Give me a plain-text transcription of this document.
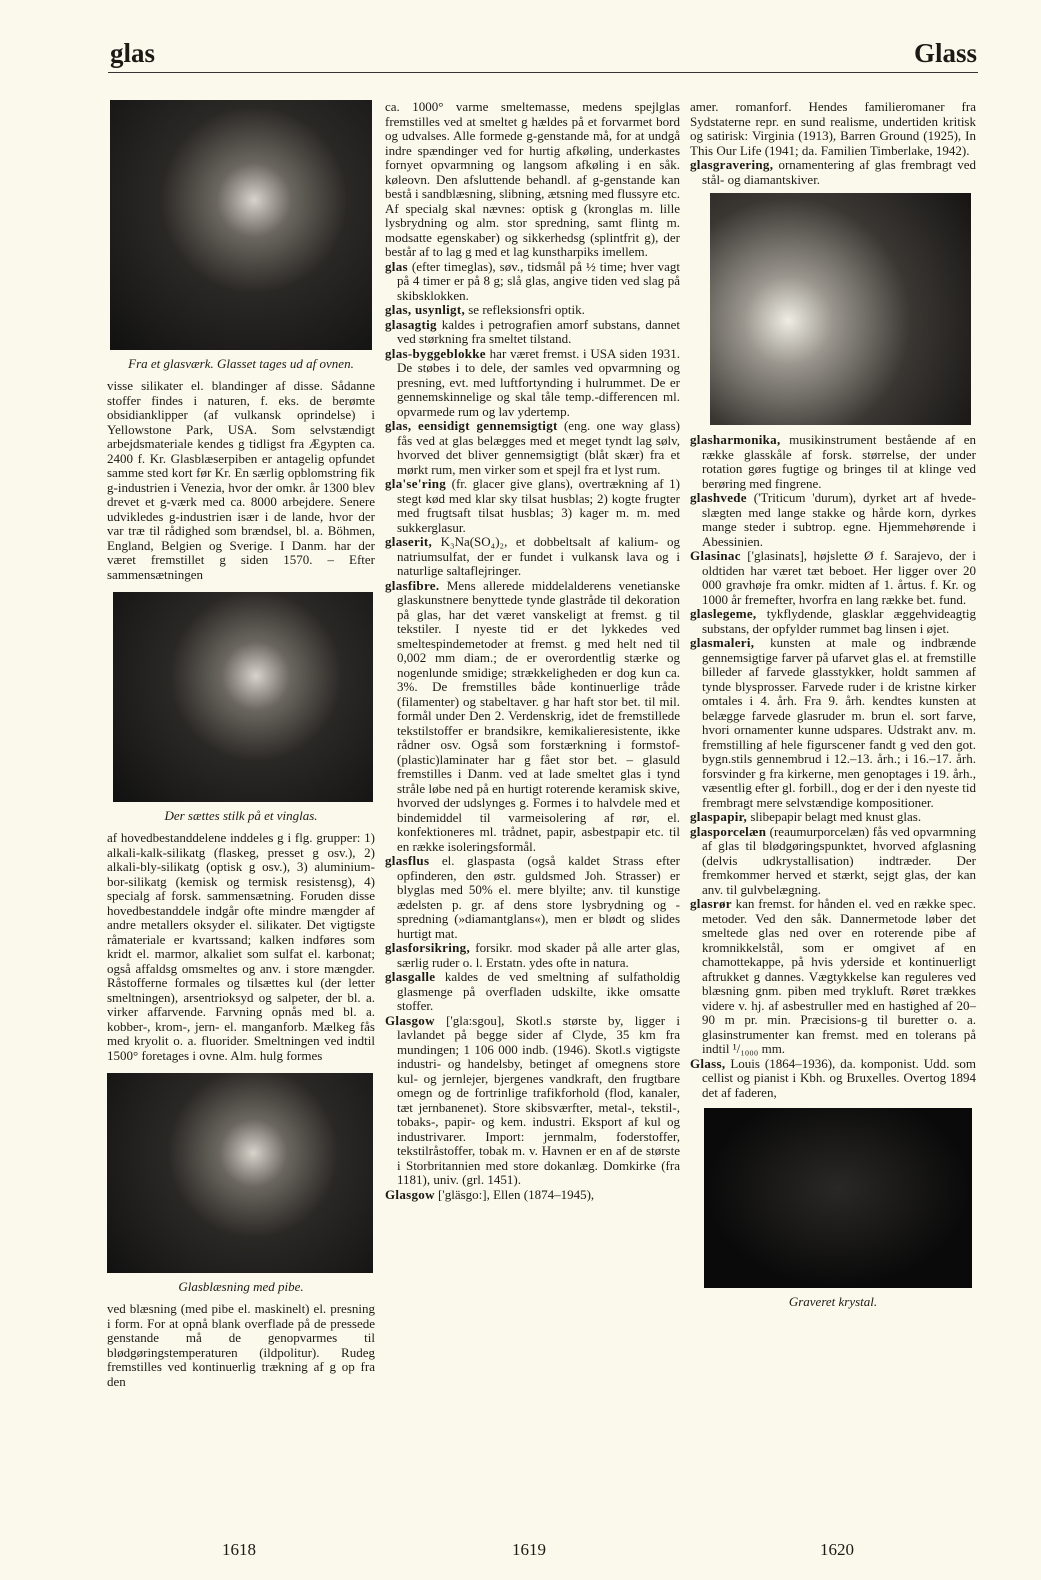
glas	Glass
Fra et glasværk. Glasset tages ud af ovnen.

visse silikater el. blandinger af disse. Sådanne stoffer findes i naturen, f. eks. de berømte obsidianklipper (af vulkansk oprindelse) i Yellowstone Park, USA. Som selvstændigt arbejdsmateriale kendes g tidligst fra Ægypten ca. 2400 f. Kr. Glasblæserpiben er antagelig opfundet samme sted kort før Kr. En særlig opblomstring fik g-industrien i Venezia, hvor der omkr. år 1300 blev drevet et g-værk med ca. 8000 arbejdere. Senere udvikledes g-industrien især i de lande, hvor der var træ til rådighed som brændsel, bl. a. Böhmen, England, Belgien og Sverige. I Danm. har der været fremstillet g siden 1570. – Efter sammensætningen

Der sættes stilk på et vinglas.

af hovedbestanddelene inddeles g i flg. grupper: 1) alkali-kalk-silikatg (flaskeg, presset g osv.), 2) alkali-bly-silikatg (optisk g osv.), 3) aluminium-bor-silikatg (kemisk og termisk resistensg), 4) specialg af forsk. sammensætning. Foruden disse hovedbestanddele indgår ofte mindre mængder af andre metallers oksyder el. silikater. Det vigtigste råmateriale er kvartssand; kalken indføres som kridt el. marmor, alkaliet som sulfat el. karbonat; også affaldsg omsmeltes og anv. i store mængder. Råstofferne formales og tilsættes kul (der letter smeltningen), arsentrioksyd og salpeter, der bl. a. virker affarvende. Farvning opnås med bl. a. kobber-, krom-, jern- el. manganforb. Mælkeg fås med kryolit o. a. fluorider. Smeltningen ved indtil 1500° foretages i ovne. Alm. hulg formes

Glasblæsning med pibe.

ved blæsning (med pibe el. maskinelt) el. presning i form. For at opnå blank overflade på de pressede genstande må de genopvarmes til blødgøringstemperaturen (ildpolitur). Rudeg fremstilles ved kontinuerlig trækning af g op fra den

ca. 1000° varme smeltemasse, medens spejlglas fremstilles ved at smeltet g hældes på et forvarmet bord og udvalses. Alle formede g-genstande må, for at undgå indre spændinger ved for hurtig afkøling, underkastes fornyet opvarmning og langsom afkøling i en såk. køleovn. Den afsluttende behandl. af g-genstande kan bestå i sandblæsning, slibning, ætsning med flussyre etc. Af specialg skal nævnes: optisk g (kronglas m. lille lysbrydning og alm. stor spredning, samt flintg m. modsatte egenskaber) og sikkerhedsg (splintfrit g), der består af to lag g med et lag kunstharpiks imellem.

glas (efter timeglas), søv., tidsmål på ½ time; hver vagt på 4 timer er på 8 g; slå glas, angive tiden ved slag på skibsklokken.

glas, usynligt, se refleksionsfri optik.

glasagtig kaldes i petrografien amorf substans, dannet ved størkning fra smeltet tilstand.

glas-byggeblokke har været fremst. i USA siden 1931. De støbes i to dele, der samles ved opvarmning og presning, evt. med luftfortynding i hulrummet. De er gennemskinnelige og skal tåle temp.-differencen ml. opvarmede rum og lav ydertemp.

glas, eensidigt gennemsigtigt (eng. one way glass) fås ved at glas belægges med et meget tyndt lag sølv, hvorved det bliver gennemsigtigt (blåt skær) fra et mørkt rum, men virker som et spejl fra et lyst rum.

gla'se'ring (fr. glacer give glans), overtrækning af 1) stegt kød med klar sky tilsat husblas; 2) kogte frugter med frugtsaft tilsat husblas; 3) kager m. m. med sukkerglasur.

glaserit, K₃Na(SO₄)₂, et dobbeltsalt af kalium- og natriumsulfat, der er fundet i vulkansk lava og i naturlige saltaflejringer.

glasfibre. Mens allerede middelalderens venetianske glaskunstnere benyttede tynde glastråde til dekoration på glas, har det været vanskeligt at fremst. g til tekstiler. I nyeste tid er det lykkedes ved smeltespindemetoder at fremst. g med helt ned til 0,002 mm diam.; de er overordentlig stærke og nogenlunde smidige; strækkeligheden er dog kun ca. 3%. De fremstilles både kontinuerlige tråde (filamenter) og stabeltaver. g har haft stor bet. til mil. formål under Den 2. Verdenskrig, idet de fremstillede tekstilstoffer er brandsikre, kemikalieresistente, ikke rådner osv. Også som forstærkning i formstof-(plastic)laminater har g fået stor bet. – glasuld fremstilles i Danm. ved at lade smeltet glas i tynd stråle løbe ned på en hurtigt roterende keramisk skive, hvorved der udslynges g. Formes i to halvdele med et bindemiddel til varmeisolering af rør, el. konfektioneres ml. trådnet, papir, asbestpapir etc. til en række isoleringsformål.

glasflus el. glaspasta (også kaldet Strass efter opfinderen, den østr. guldsmed Joh. Strasser) er blyglas med 50% el. mere blyilte; anv. til kunstige ædelsten p. gr. af dens store lysbrydning og -spredning (»diamantglans«), men er blødt og slides hurtigt mat.

glasforsikring, forsikr. mod skader på alle arter glas, særlig ruder o. l. Erstatn. ydes ofte in natura.

glasgalle kaldes de ved smeltning af sulfatholdig glasmenge på overfladen udskilte, ikke omsatte stoffer.

Glasgow ['gla:sgou], Skotl.s største by, ligger i lavlandet på begge sider af Clyde, 35 km fra mundingen; 1 106 000 indb. (1946). Skotl.s vigtigste industri- og handelsby, betinget af omegnens store kul- og jernlejer, bjergenes vandkraft, den frugtbare omegn og de fortrinlige trafikforhold (flod, kanaler, tæt jernbanenet). Store skibsværfter, metal-, tekstil-, tobaks-, papir- og kem. industri. Eksport af kul og industrivarer. Import: jernmalm, foderstoffer, tekstilråstoffer, tobak m. v. Havnen er en af de største i Storbritannien med store dokanlæg. Domkirke (fra 1181), univ. (grl. 1451).

Glasgow ['gläsgo:], Ellen (1874–1945),

amer. romanforf. Hendes familieromaner fra Sydstaterne repr. en sund realisme, undertiden kritisk og satirisk: Virginia (1913), Barren Ground (1925), In This Our Life (1941; da. Familien Timberlake, 1942).

glasgravering, ornamentering af glas frembragt ved stål- og diamantskiver.

glasharmonika, musikinstrument bestående af en række glasskåle af forsk. størrelse, der under rotation gøres fugtige og bringes til at klinge ved berøring med fingrene.

glashvede ('Triticum 'durum), dyrket art af hvede-slægten med lange stakke og hårde korn, dyrkes mange steder i subtrop. egne. Hjemmehørende i Abessinien.

Glasinac ['glasinats], højslette Ø f. Sarajevo, der i oldtiden har været tæt beboet. Her ligger over 20 000 gravhøje fra omkr. midten af 1. årtus. f. Kr. og 1000 år fremefter, hvorfra en lang række bet. fund.

glaslegeme, tykflydende, glasklar æggehvideagtig substans, der opfylder rummet bag linsen i øjet.

glasmaleri, kunsten at male og indbrænde gennemsigtige farver på ufarvet glas el. at fremstille billeder af farvede glasstykker, holdt sammen af tynde blysprosser. Farvede ruder i de kristne kirker omtales i 4. årh. Fra 9. årh. kendtes kunsten at belægge farvede glasruder m. brun el. sort farve, hvori ornamenter kunne udspares. Udstrakt anv. m. fremstilling af hele figurscener fandt g ved den got. bygn.stils gennembrud i 12.–13. årh.; i 16.–17. årh. forsvinder g fra kirkerne, men genoptages i 19. årh., væsentlig efter gl. forbill., dog er der i den nyeste tid frembragt mere selvstændige kompositioner.

glaspapir, slibepapir belagt med knust glas.

glasporcelæn (reaumurporcelæn) fås ved opvarmning af glas til blødgøringspunktet, hvorved afglasning (delvis udkrystallisation) indtræder. Der fremkommer herved et stærkt, sejgt glas, der kan anv. til gulvbelægning.

glasrør kan fremst. for hånden el. ved en række spec. metoder. Ved den såk. Dannermetode løber det smeltede glas ned over en roterende pibe af kromnikkelstål, som er omgivet af en chamottekappe, på hvis yderside et kontinuerligt aftrukket g dannes. Vægtykkelse kan reguleres ved blæsning gnm. piben med trykluft. Røret trækkes videre v. hj. af asbestruller med en hastighed af 20–90 m pr. min. Præcisions-g til buretter o. a. glasinstrumenter kan fremst. med en tolerans på indtil ¹/₁₀₀₀ mm.

Glass, Louis (1864–1936), da. komponist. Udd. som cellist og pianist i Kbh. og Bruxelles. Overtog 1894 det af faderen,

Graveret krystal.
1618	1619	1620
